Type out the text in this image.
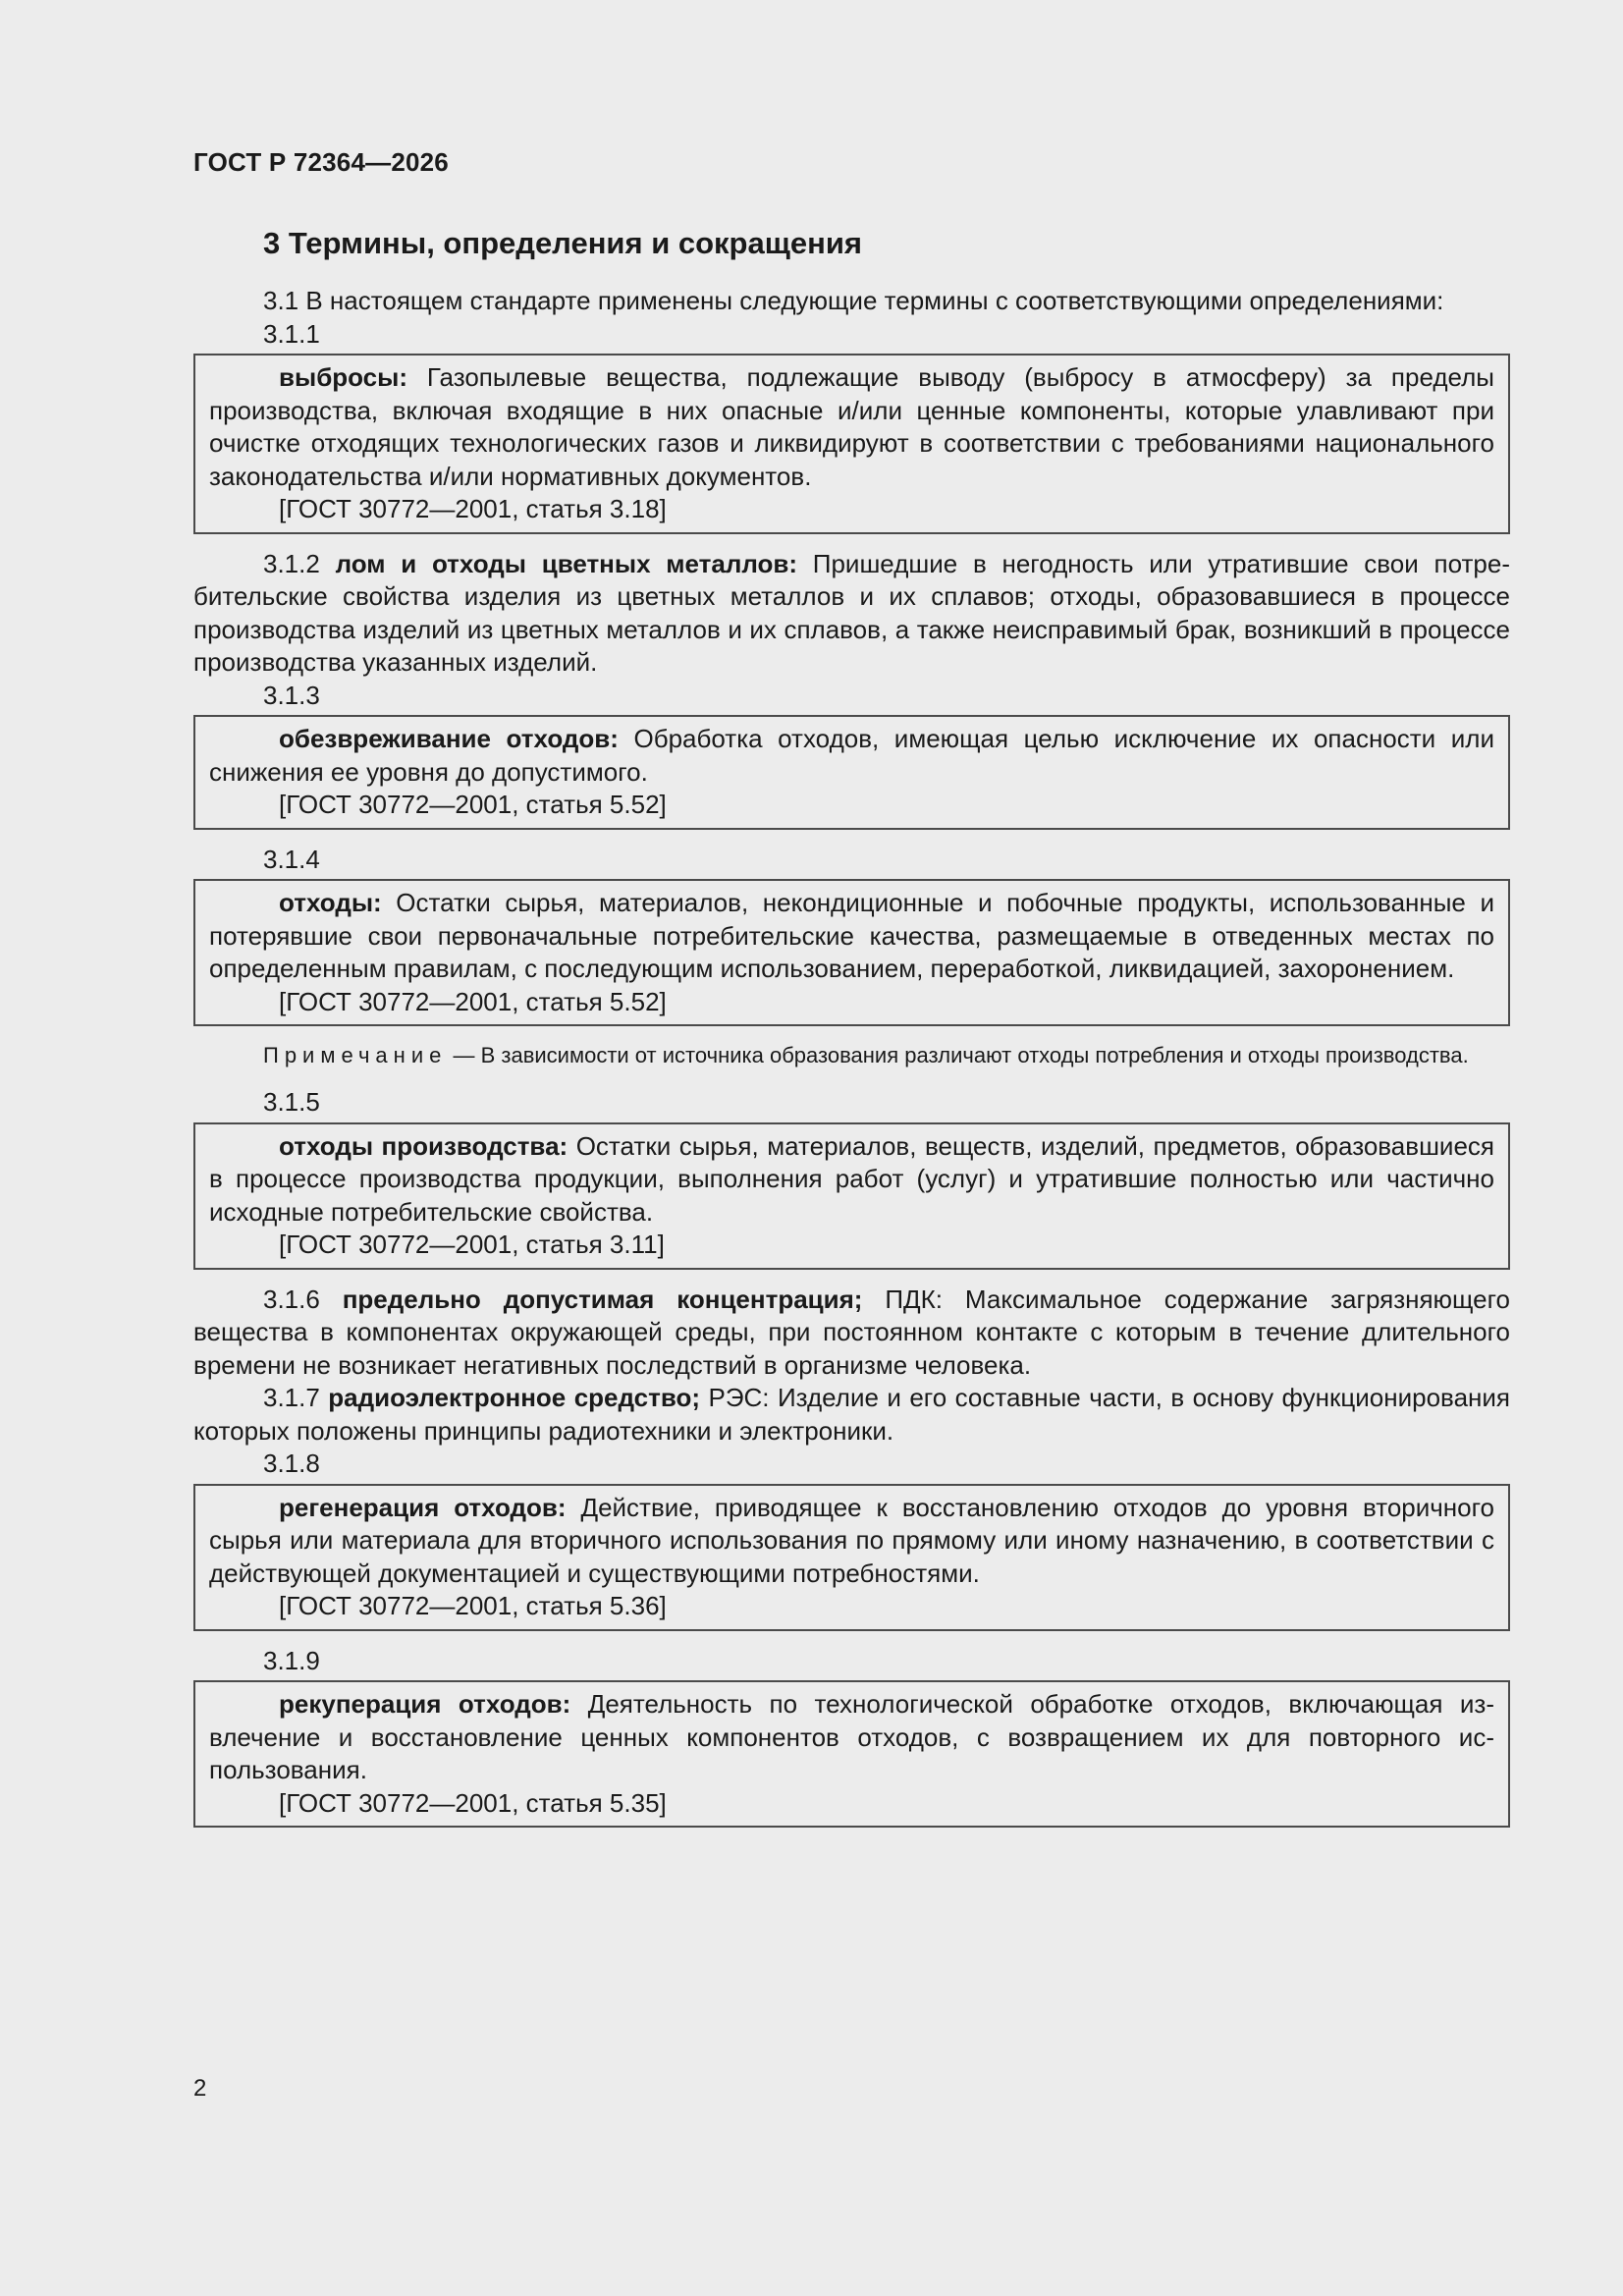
ГОСТ Р 72364—2026
3 Термины, определения и сокращения

3.1 В настоящем стандарте применены следующие термины с соответствующими определениями:

3.1.1

выбросы: Газопылевые вещества, подлежащие выводу (выбросу в атмосферу) за пределы производства, включая входящие в них опасные и/или ценные компоненты, которые улавливают при очистке отходящих технологических газов и ликвидируют в соответствии с требованиями национального законодательства и/или нормативных документов.

[ГОСТ 30772—2001, статья 3.18]

3.1.2 лом и отходы цветных металлов: Пришедшие в негодность или утратившие свои потребительские свойства изделия из цветных металлов и их сплавов; отходы, образовавшиеся в процессе производства изделий из цветных металлов и их сплавов, а также неисправимый брак, возникший в процессе производства указанных изделий.

3.1.3

обезвреживание отходов: Обработка отходов, имеющая целью исключение их опасности или снижения ее уровня до допустимого.

[ГОСТ 30772—2001, статья 5.52]

3.1.4

отходы: Остатки сырья, материалов, некондиционные и побочные продукты, использованные и потерявшие свои первоначальные потребительские качества, размещаемые в отведенных местах по определенным правилам, с последующим использованием, переработкой, ликвидацией, захоронением.

[ГОСТ 30772—2001, статья 5.52]

Примечание — В зависимости от источника образования различают отходы потребления и отходы производства.

3.1.5

отходы производства: Остатки сырья, материалов, веществ, изделий, предметов, образовавшиеся в процессе производства продукции, выполнения работ (услуг) и утратившие полностью или частично исходные потребительские свойства.

[ГОСТ 30772—2001, статья 3.11]

3.1.6 предельно допустимая концентрация; ПДК: Максимальное содержание загрязняющего вещества в компонентах окружающей среды, при постоянном контакте с которым в течение длительного времени не возникает негативных последствий в организме человека.

3.1.7 радиоэлектронное средство; РЭС: Изделие и его составные части, в основу функционирования которых положены принципы радиотехники и электроники.

3.1.8

регенерация отходов: Действие, приводящее к восстановлению отходов до уровня вторичного сырья или материала для вторичного использования по прямому или иному назначению, в соответствии с действующей документацией и существующими потребностями.

[ГОСТ 30772—2001, статья 5.36]

3.1.9

рекуперация отходов: Деятельность по технологической обработке отходов, включающая извлечение и восстановление ценных компонентов отходов, с возвращением их для повторного использования.

[ГОСТ 30772—2001, статья 5.35]

2
